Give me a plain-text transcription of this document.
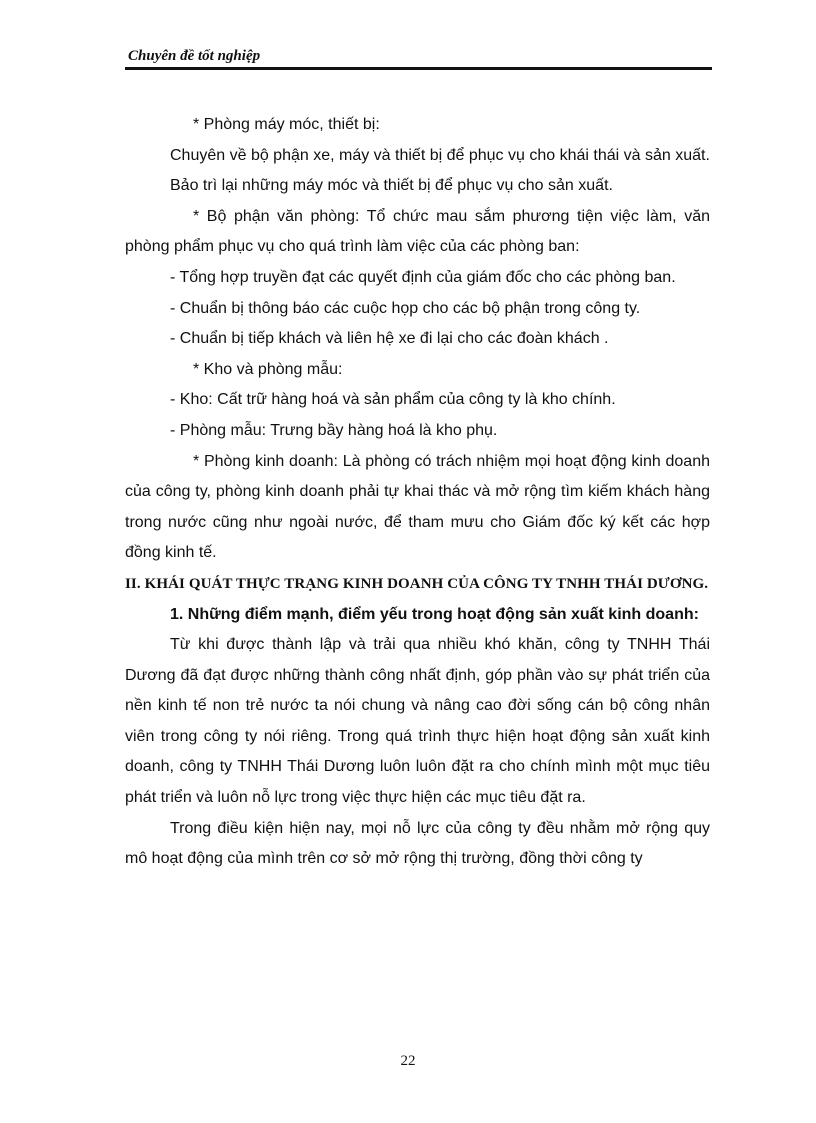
Chuyên đề tốt nghiệp

* Phòng máy móc, thiết bị:

Chuyên về bộ phận xe, máy và thiết bị để phục vụ cho khái thái và sản xuất.

Bảo trì lại những máy móc và thiết bị để phục vụ cho sản xuất.

* Bộ phận văn phòng: Tổ chức mau sắm phương tiện việc làm, văn phòng phẩm phục vụ cho quá trình làm việc của các phòng ban:

- Tổng hợp truyền đạt các quyết định của giám đốc cho các phòng ban.

- Chuẩn bị thông báo các cuộc họp cho các bộ phận trong công ty.

- Chuẩn bị tiếp khách và liên hệ xe đi lại cho các đoàn khách .

* Kho và phòng mẫu:

- Kho: Cất trữ hàng hoá và sản phẩm của công ty là kho chính.

- Phòng mẫu: Trưng bầy hàng hoá là kho phụ.

* Phòng kinh doanh: Là phòng có trách nhiệm mọi hoạt động kinh doanh của công ty, phòng kinh doanh phải tự khai thác và mở rộng tìm kiếm khách hàng trong nước cũng như ngoài nước, để tham mưu cho Giám đốc ký kết các hợp đồng kinh tế.

II. KHÁI QUÁT THỰC TRẠNG KINH DOANH CỦA CÔNG TY TNHH THÁI DƯƠNG.

1. Những điểm mạnh, điểm yếu trong hoạt động sản xuất kinh doanh:

Từ khi được thành lập và trải qua nhiều khó khăn, công ty TNHH Thái Dương đã đạt được những thành công nhất định, góp phần vào sự phát triển của nền kinh tế non trẻ nước ta nói chung và nâng cao đời sống cán bộ công nhân viên trong công ty nói riêng. Trong quá trình thực hiện hoạt động sản xuất kinh doanh, công ty TNHH Thái Dương luôn luôn đặt ra cho chính mình một mục tiêu phát triển và luôn nỗ lực trong việc thực hiện các mục tiêu đặt ra.

Trong điều kiện hiện nay, mọi nỗ lực của công ty đều nhằm mở rộng quy mô hoạt động của mình trên cơ sở mở rộng thị trường, đồng thời công ty

22
